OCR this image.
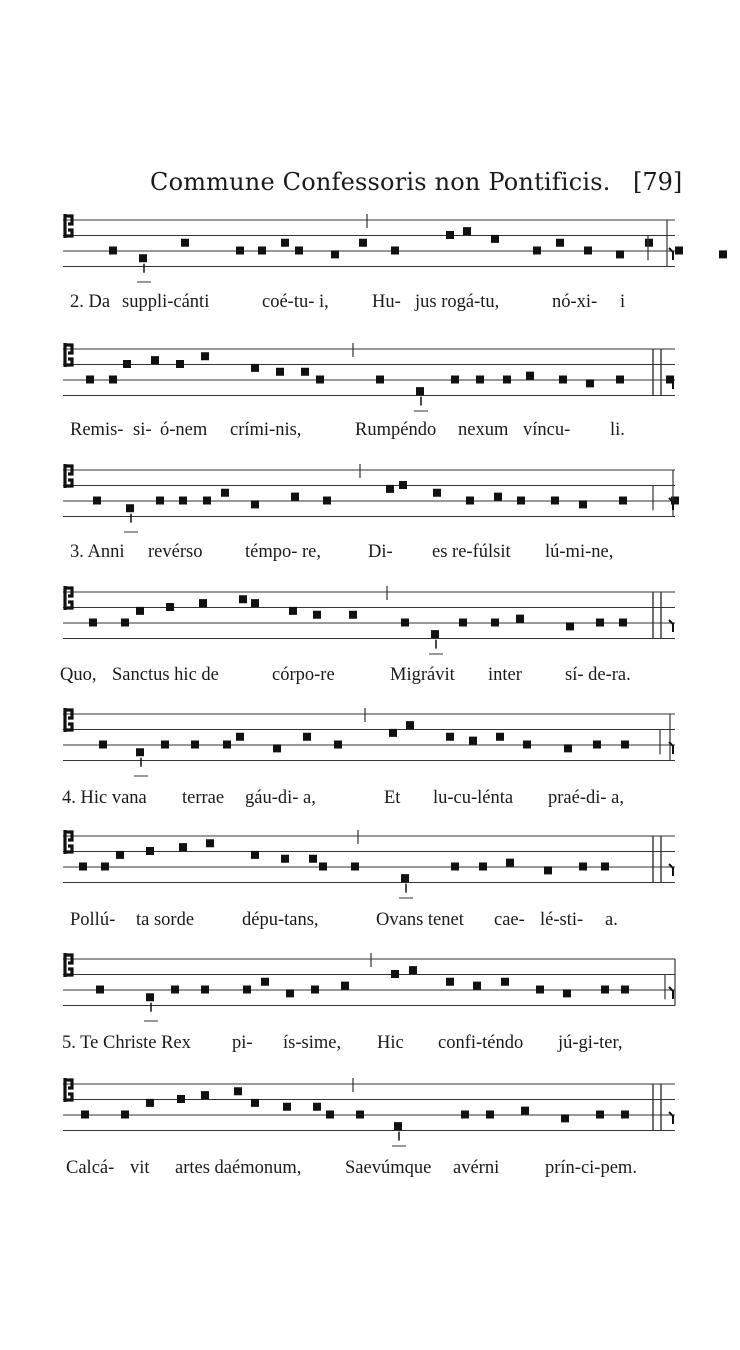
Commune Confessoris non Pontificis. [79]
2. Da suppli-cánti	coé-tu- i, Hu- jus rogá-tu,	nó-xi- i
Remis- si- ó-nem crími-nis,	Rumpéndo nexum víncu- li.
3. Anni revérso témpo- re,	Di- es re-fúlsit lú-mi-ne,
Quo, Sanctus hic de	córpo-re	Migrávit inter sí- de-ra.
4. Hic vana terrae gáu-di- a,	Et lu-cu-lénta praé-di- a,
Pollú- ta sorde	dépu-tans,	Ovans tenet cae- lé-sti- a.
5. Te Christe Rex pi- ís-sime, Hic confi-téndo jú-gi-ter,
Calcá- vit artes daémonum, Saevúmque avérni prín-ci-pem.
